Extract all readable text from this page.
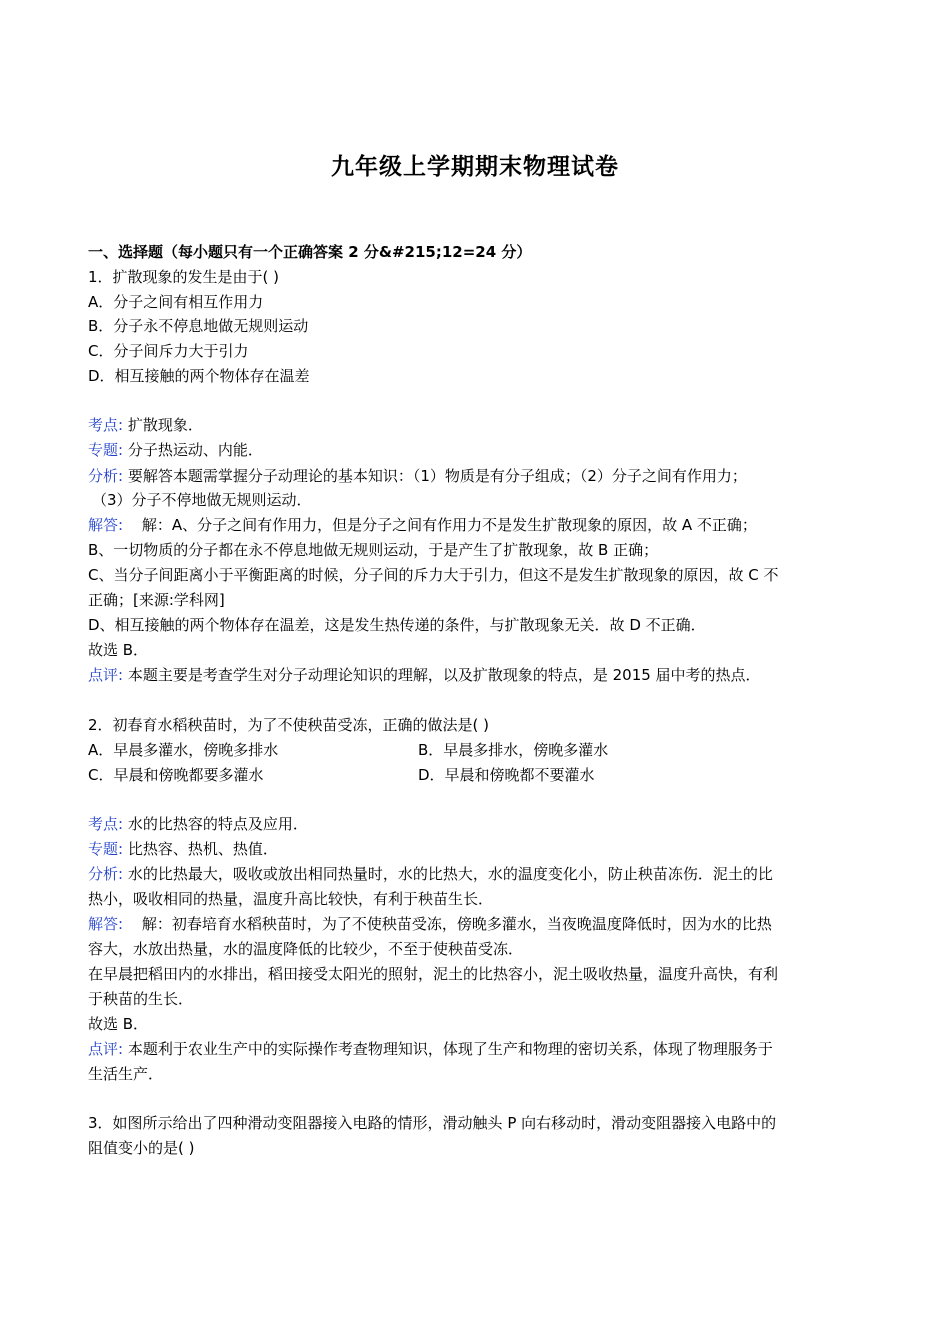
九年级上学期期末物理试卷
一、选择题（每小题只有一个正确答案 2 分&#215;12=24 分）
1．扩散现象的发生是由于( )
A．分子之间有相互作用力
B．分子永不停息地做无规则运动
C．分子间斥力大于引力
D．相互接触的两个物体存在温差
考点: 扩散现象．
专题: 分子热运动、内能．
分析: 要解答本题需掌握分子动理论的基本知识：（1）物质是有分子组成；（2）分子之间有作用力；
（3）分子不停地做无规则运动．
解答: 解：A、分子之间有作用力，但是分子之间有作用力不是发生扩散现象的原因，故 A 不正确；
B、一切物质的分子都在永不停息地做无规则运动，于是产生了扩散现象，故 B 正确；
C、当分子间距离小于平衡距离的时候，分子间的斥力大于引力，但这不是发生扩散现象的原因，故 C 不
正确；[来源:学科网]
D、相互接触的两个物体存在温差，这是发生热传递的条件，与扩散现象无关．故 D 不正确．
故选 B．
点评: 本题主要是考查学生对分子动理论知识的理解，以及扩散现象的特点，是 2015 届中考的热点．
2．初春育水稻秧苗时，为了不使秧苗受冻，正确的做法是( )
A．早晨多灌水，傍晚多排水	B．早晨多排水，傍晚多灌水
C．早晨和傍晚都要多灌水	D．早晨和傍晚都不要灌水
考点: 水的比热容的特点及应用．
专题: 比热容、热机、热值．
分析: 水的比热最大，吸收或放出相同热量时，水的比热大，水的温度变化小，防止秧苗冻伤．泥土的比
热小，吸收相同的热量，温度升高比较快，有利于秧苗生长．
解答: 解：初春培育水稻秧苗时，为了不使秧苗受冻，傍晚多灌水，当夜晚温度降低时，因为水的比热
容大，水放出热量，水的温度降低的比较少，不至于使秧苗受冻．
在早晨把稻田内的水排出，稻田接受太阳光的照射，泥土的比热容小，泥土吸收热量，温度升高快，有利
于秧苗的生长．
故选 B．
点评: 本题利于农业生产中的实际操作考查物理知识，体现了生产和物理的密切关系，体现了物理服务于
生活生产．
3．如图所示给出了四种滑动变阻器接入电路的情形，滑动触头 P 向右移动时，滑动变阻器接入电路中的
阻值变小的是( )
